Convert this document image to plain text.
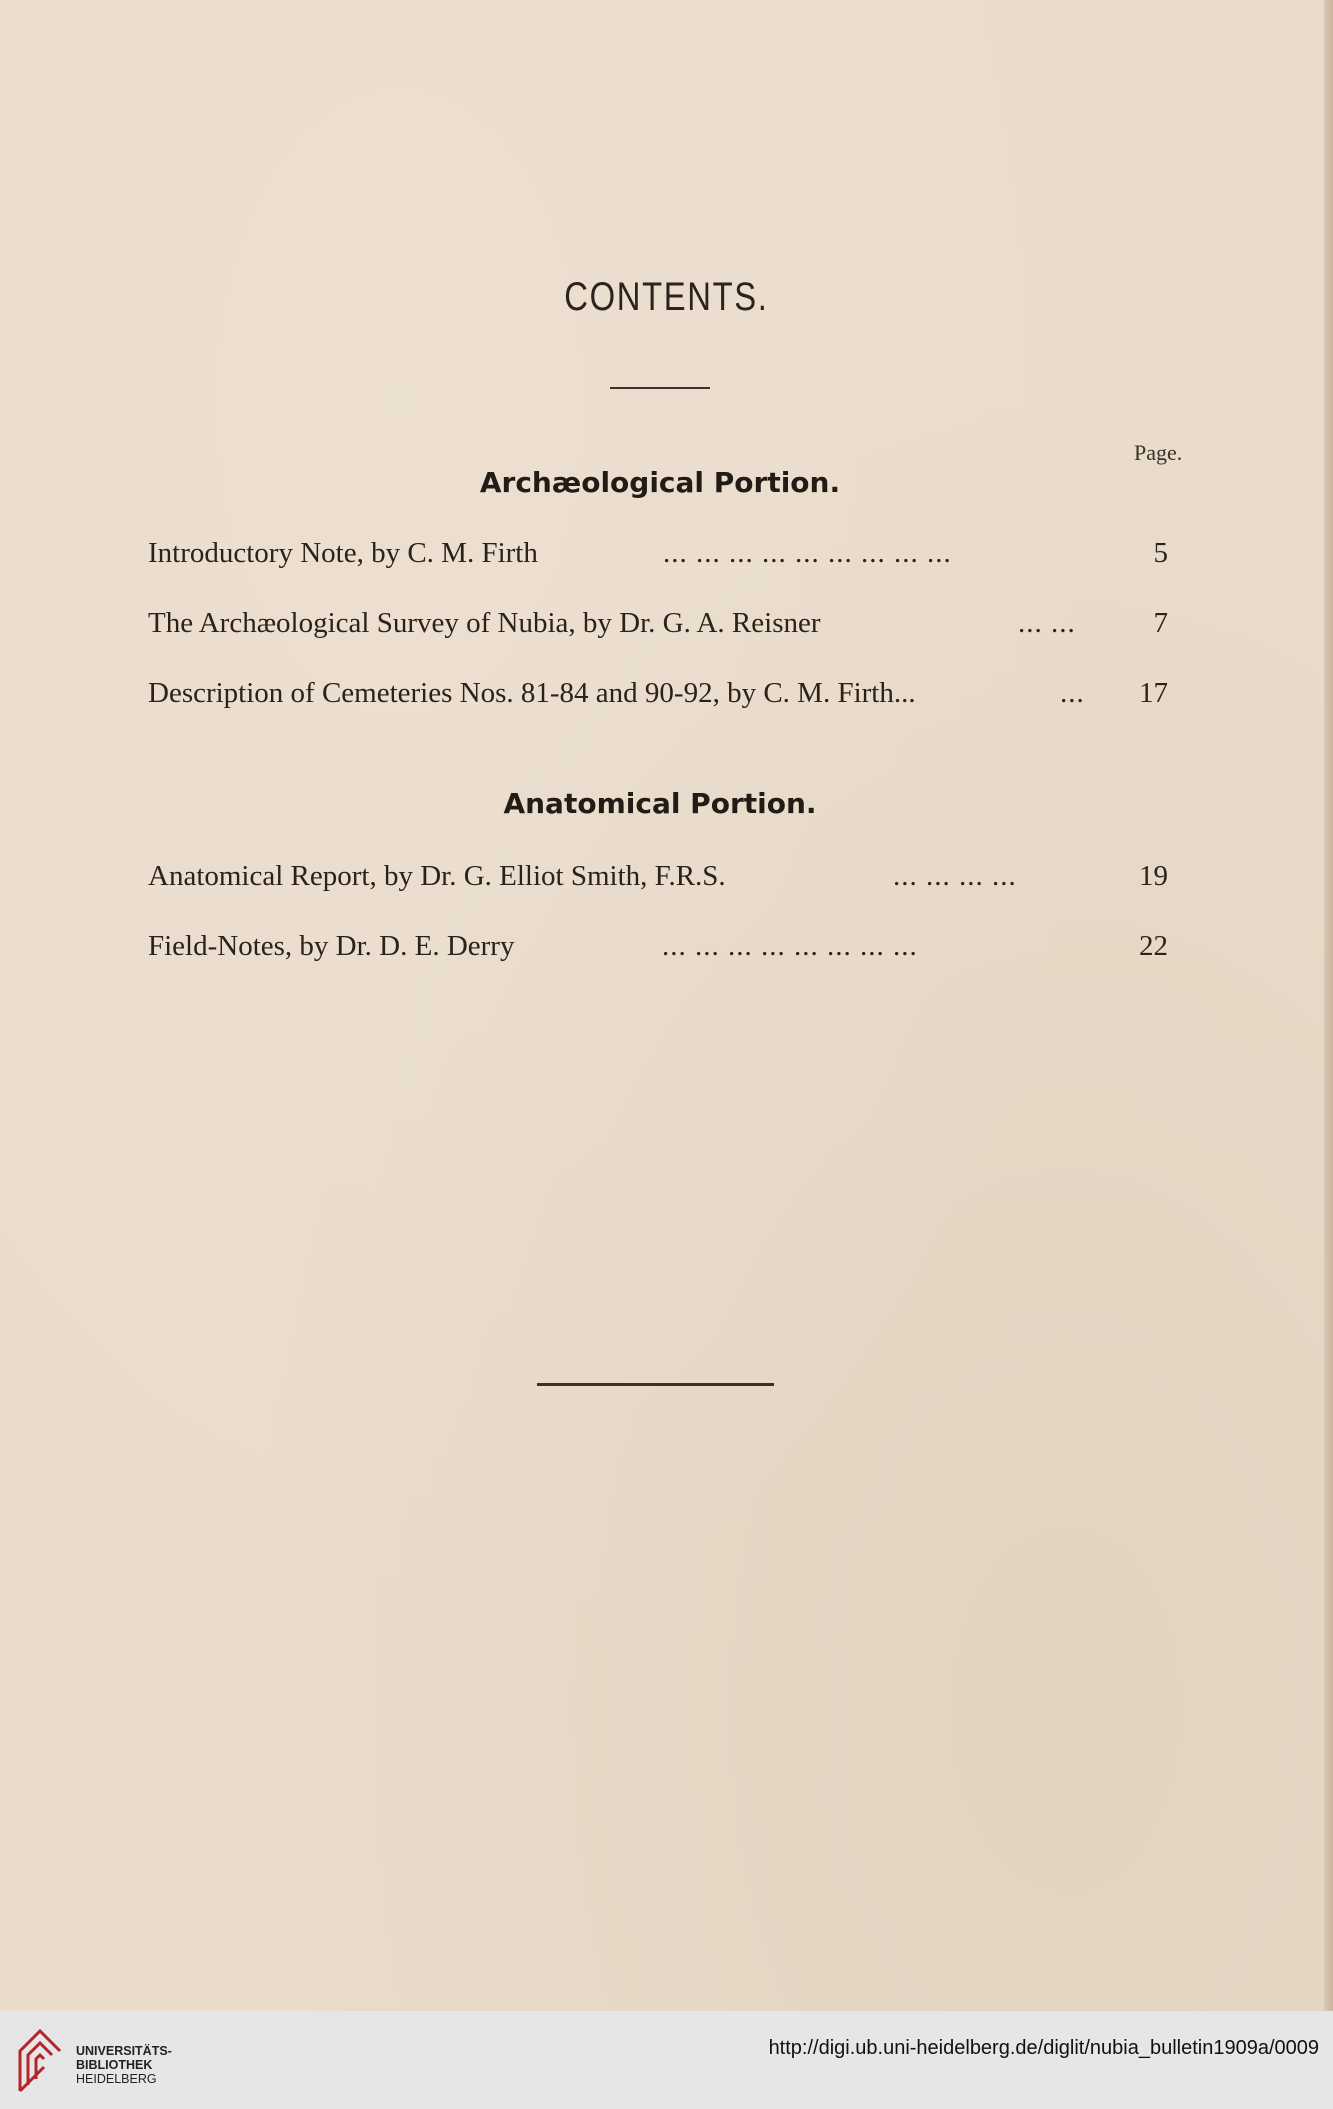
CONTENTS.
Page.
Archæological Portion.
Introductory Note, by C. M. Firth	... ... ... ... ... ... ... ... ...	5
The Archæological Survey of Nubia, by Dr. G. A. Reisner	... ...	7
Description of Cemeteries Nos. 81-84 and 90-92, by C. M. Firth...	...	17
Anatomical Portion.
Anatomical Report, by Dr. G. Elliot Smith, F.R.S.	... ... ... ...	19
Field-Notes, by Dr. D. E. Derry	... ... ... ... ... ... ... ...	22
UNIVERSITÄTS-
BIBLIOTHEK
HEIDELBERG
http://digi.ub.uni-heidelberg.de/diglit/nubia_bulletin1909a/0009
